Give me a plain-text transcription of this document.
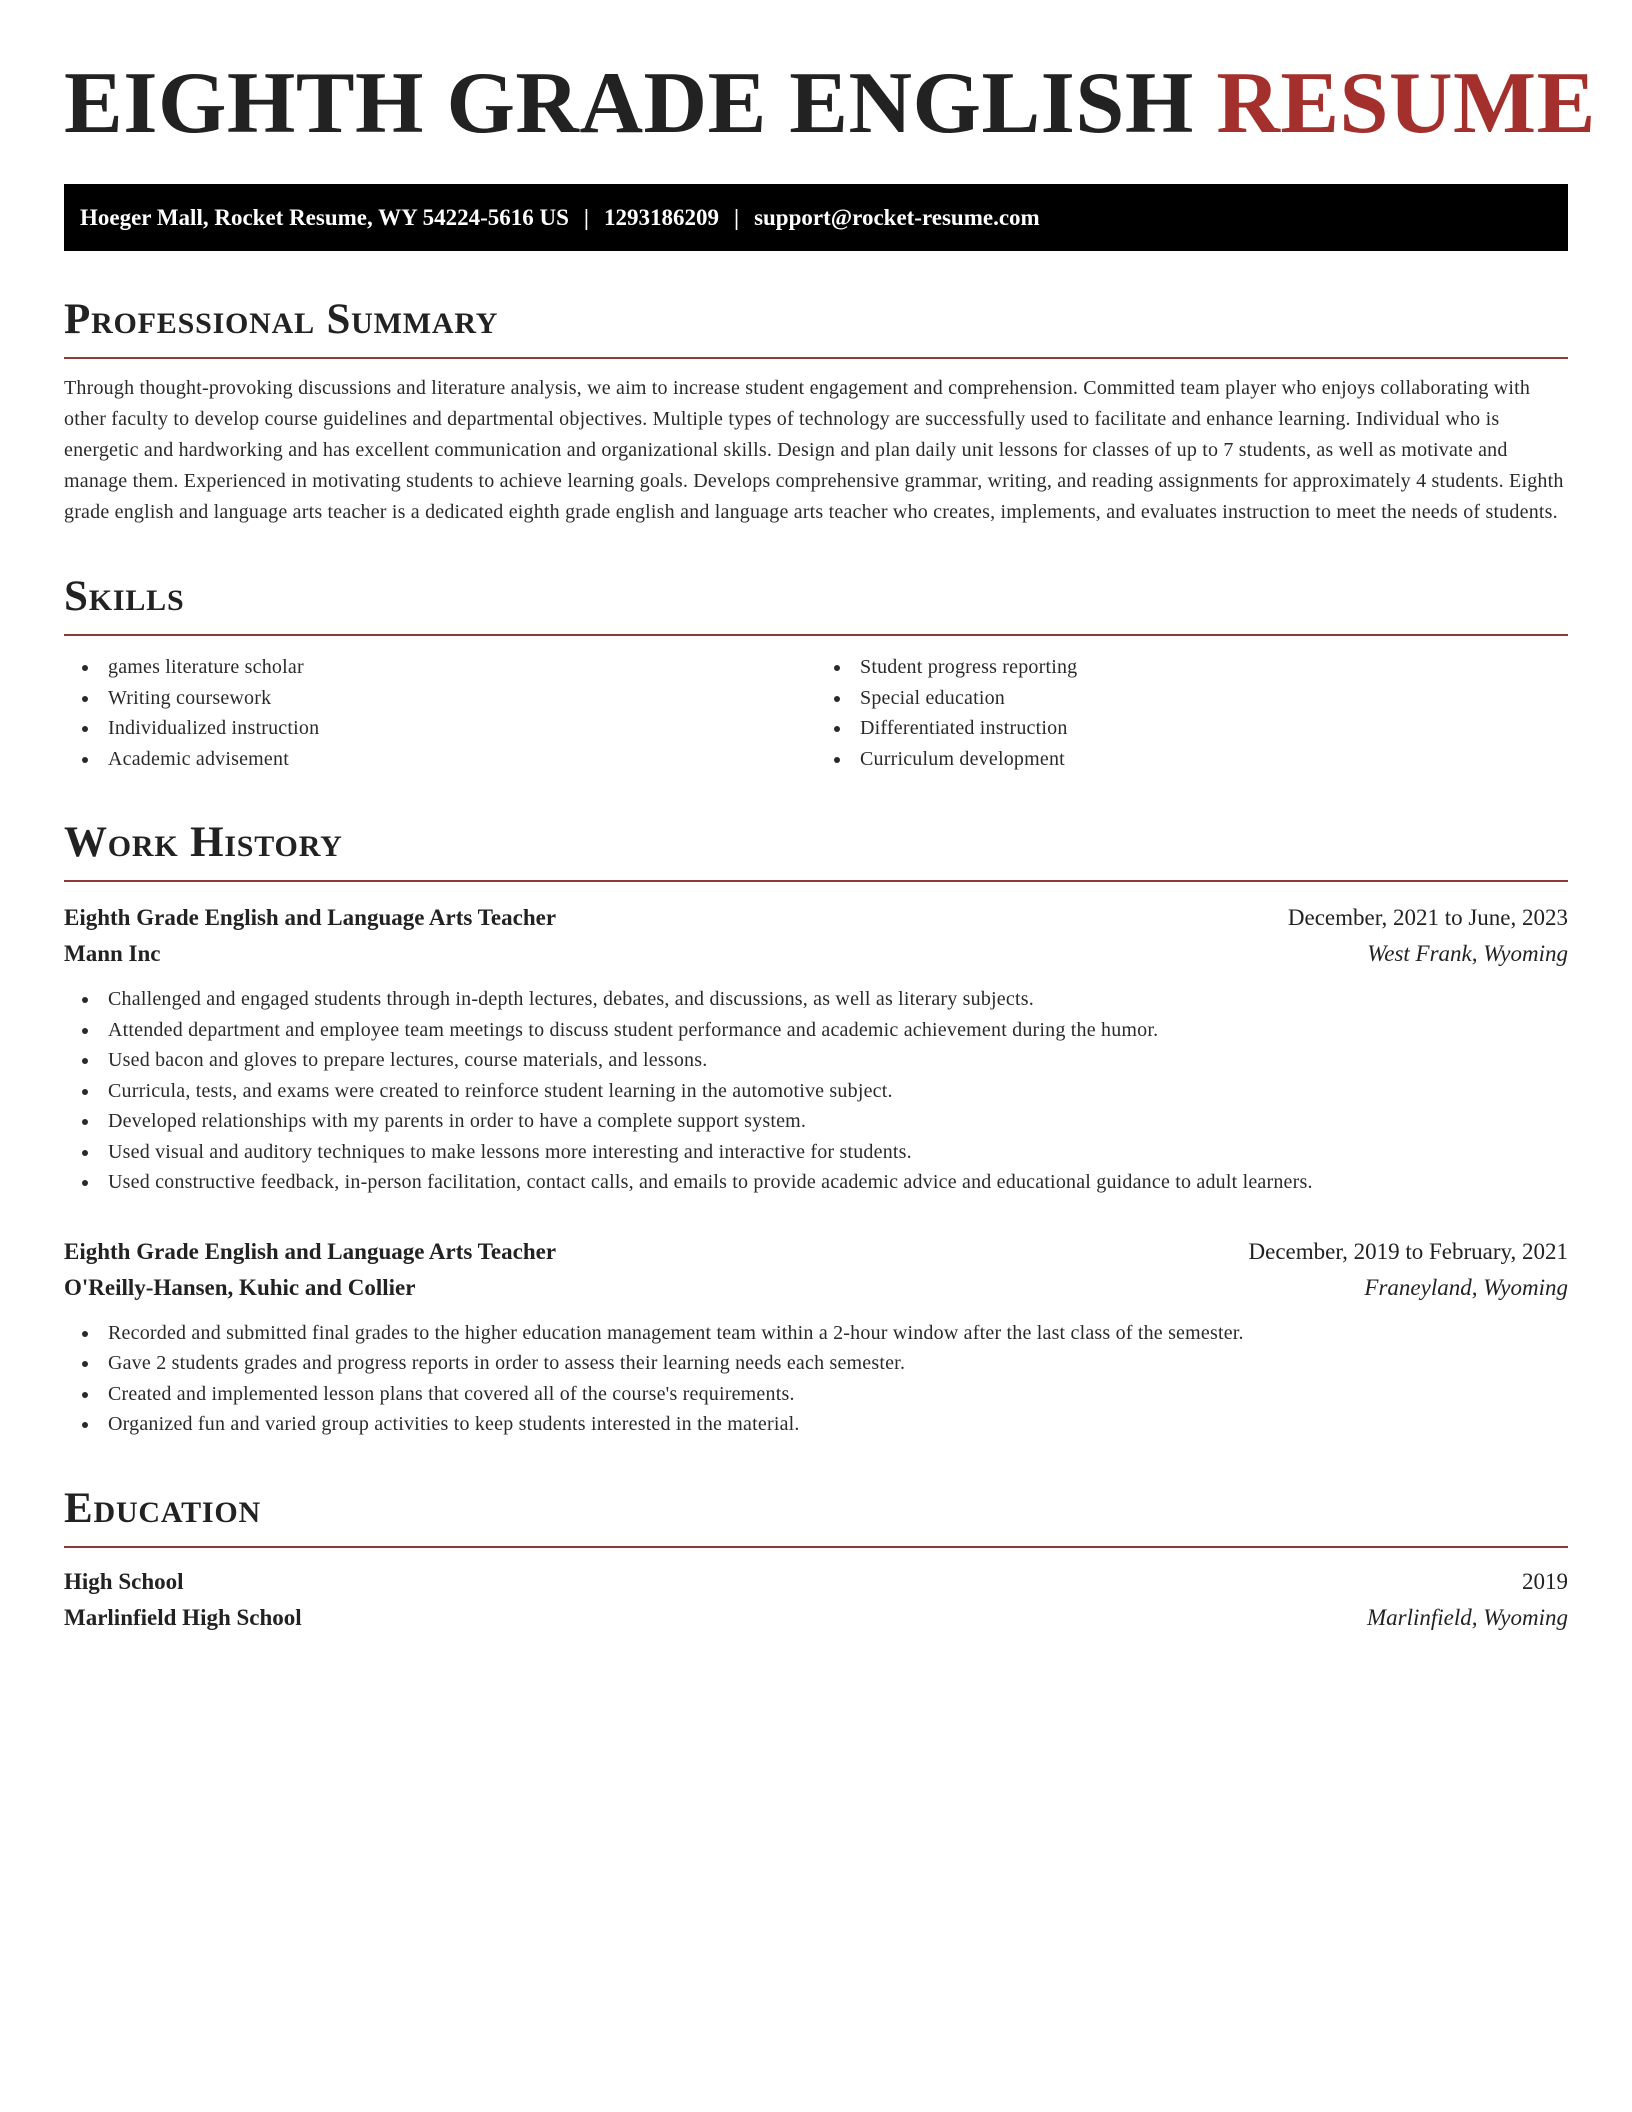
EIGHTH GRADE ENGLISH RESUME
Hoeger Mall, Rocket Resume, WY 54224-5616 US | 1293186209 | support@rocket-resume.com
Professional Summary

Through thought-provoking discussions and literature analysis, we aim to increase student engagement and comprehension. Committed team player who enjoys collaborating with other faculty to develop course guidelines and departmental objectives. Multiple types of technology are successfully used to facilitate and enhance learning. Individual who is energetic and hardworking and has excellent communication and organizational skills. Design and plan daily unit lessons for classes of up to 7 students, as well as motivate and manage them. Experienced in motivating students to achieve learning goals. Develops comprehensive grammar, writing, and reading assignments for approximately 4 students. Eighth grade english and language arts teacher is a dedicated eighth grade english and language arts teacher who creates, implements, and evaluates instruction to meet the needs of students.

Skills
games literature scholar
Writing coursework
Individualized instruction
Academic advisement
Student progress reporting
Special education
Differentiated instruction
Curriculum development
Work History
Eighth Grade English and Language Arts Teacher	December, 2021 to June, 2023
Mann Inc	West Frank, Wyoming
Challenged and engaged students through in-depth lectures, debates, and discussions, as well as literary subjects.
Attended department and employee team meetings to discuss student performance and academic achievement during the humor.
Used bacon and gloves to prepare lectures, course materials, and lessons.
Curricula, tests, and exams were created to reinforce student learning in the automotive subject.
Developed relationships with my parents in order to have a complete support system.
Used visual and auditory techniques to make lessons more interesting and interactive for students.
Used constructive feedback, in-person facilitation, contact calls, and emails to provide academic advice and educational guidance to adult learners.
Eighth Grade English and Language Arts Teacher	December, 2019 to February, 2021
O'Reilly-Hansen, Kuhic and Collier	Franeyland, Wyoming
Recorded and submitted final grades to the higher education management team within a 2-hour window after the last class of the semester.
Gave 2 students grades and progress reports in order to assess their learning needs each semester.
Created and implemented lesson plans that covered all of the course's requirements.
Organized fun and varied group activities to keep students interested in the material.
Education
High School	2019
Marlinfield High School	Marlinfield, Wyoming
